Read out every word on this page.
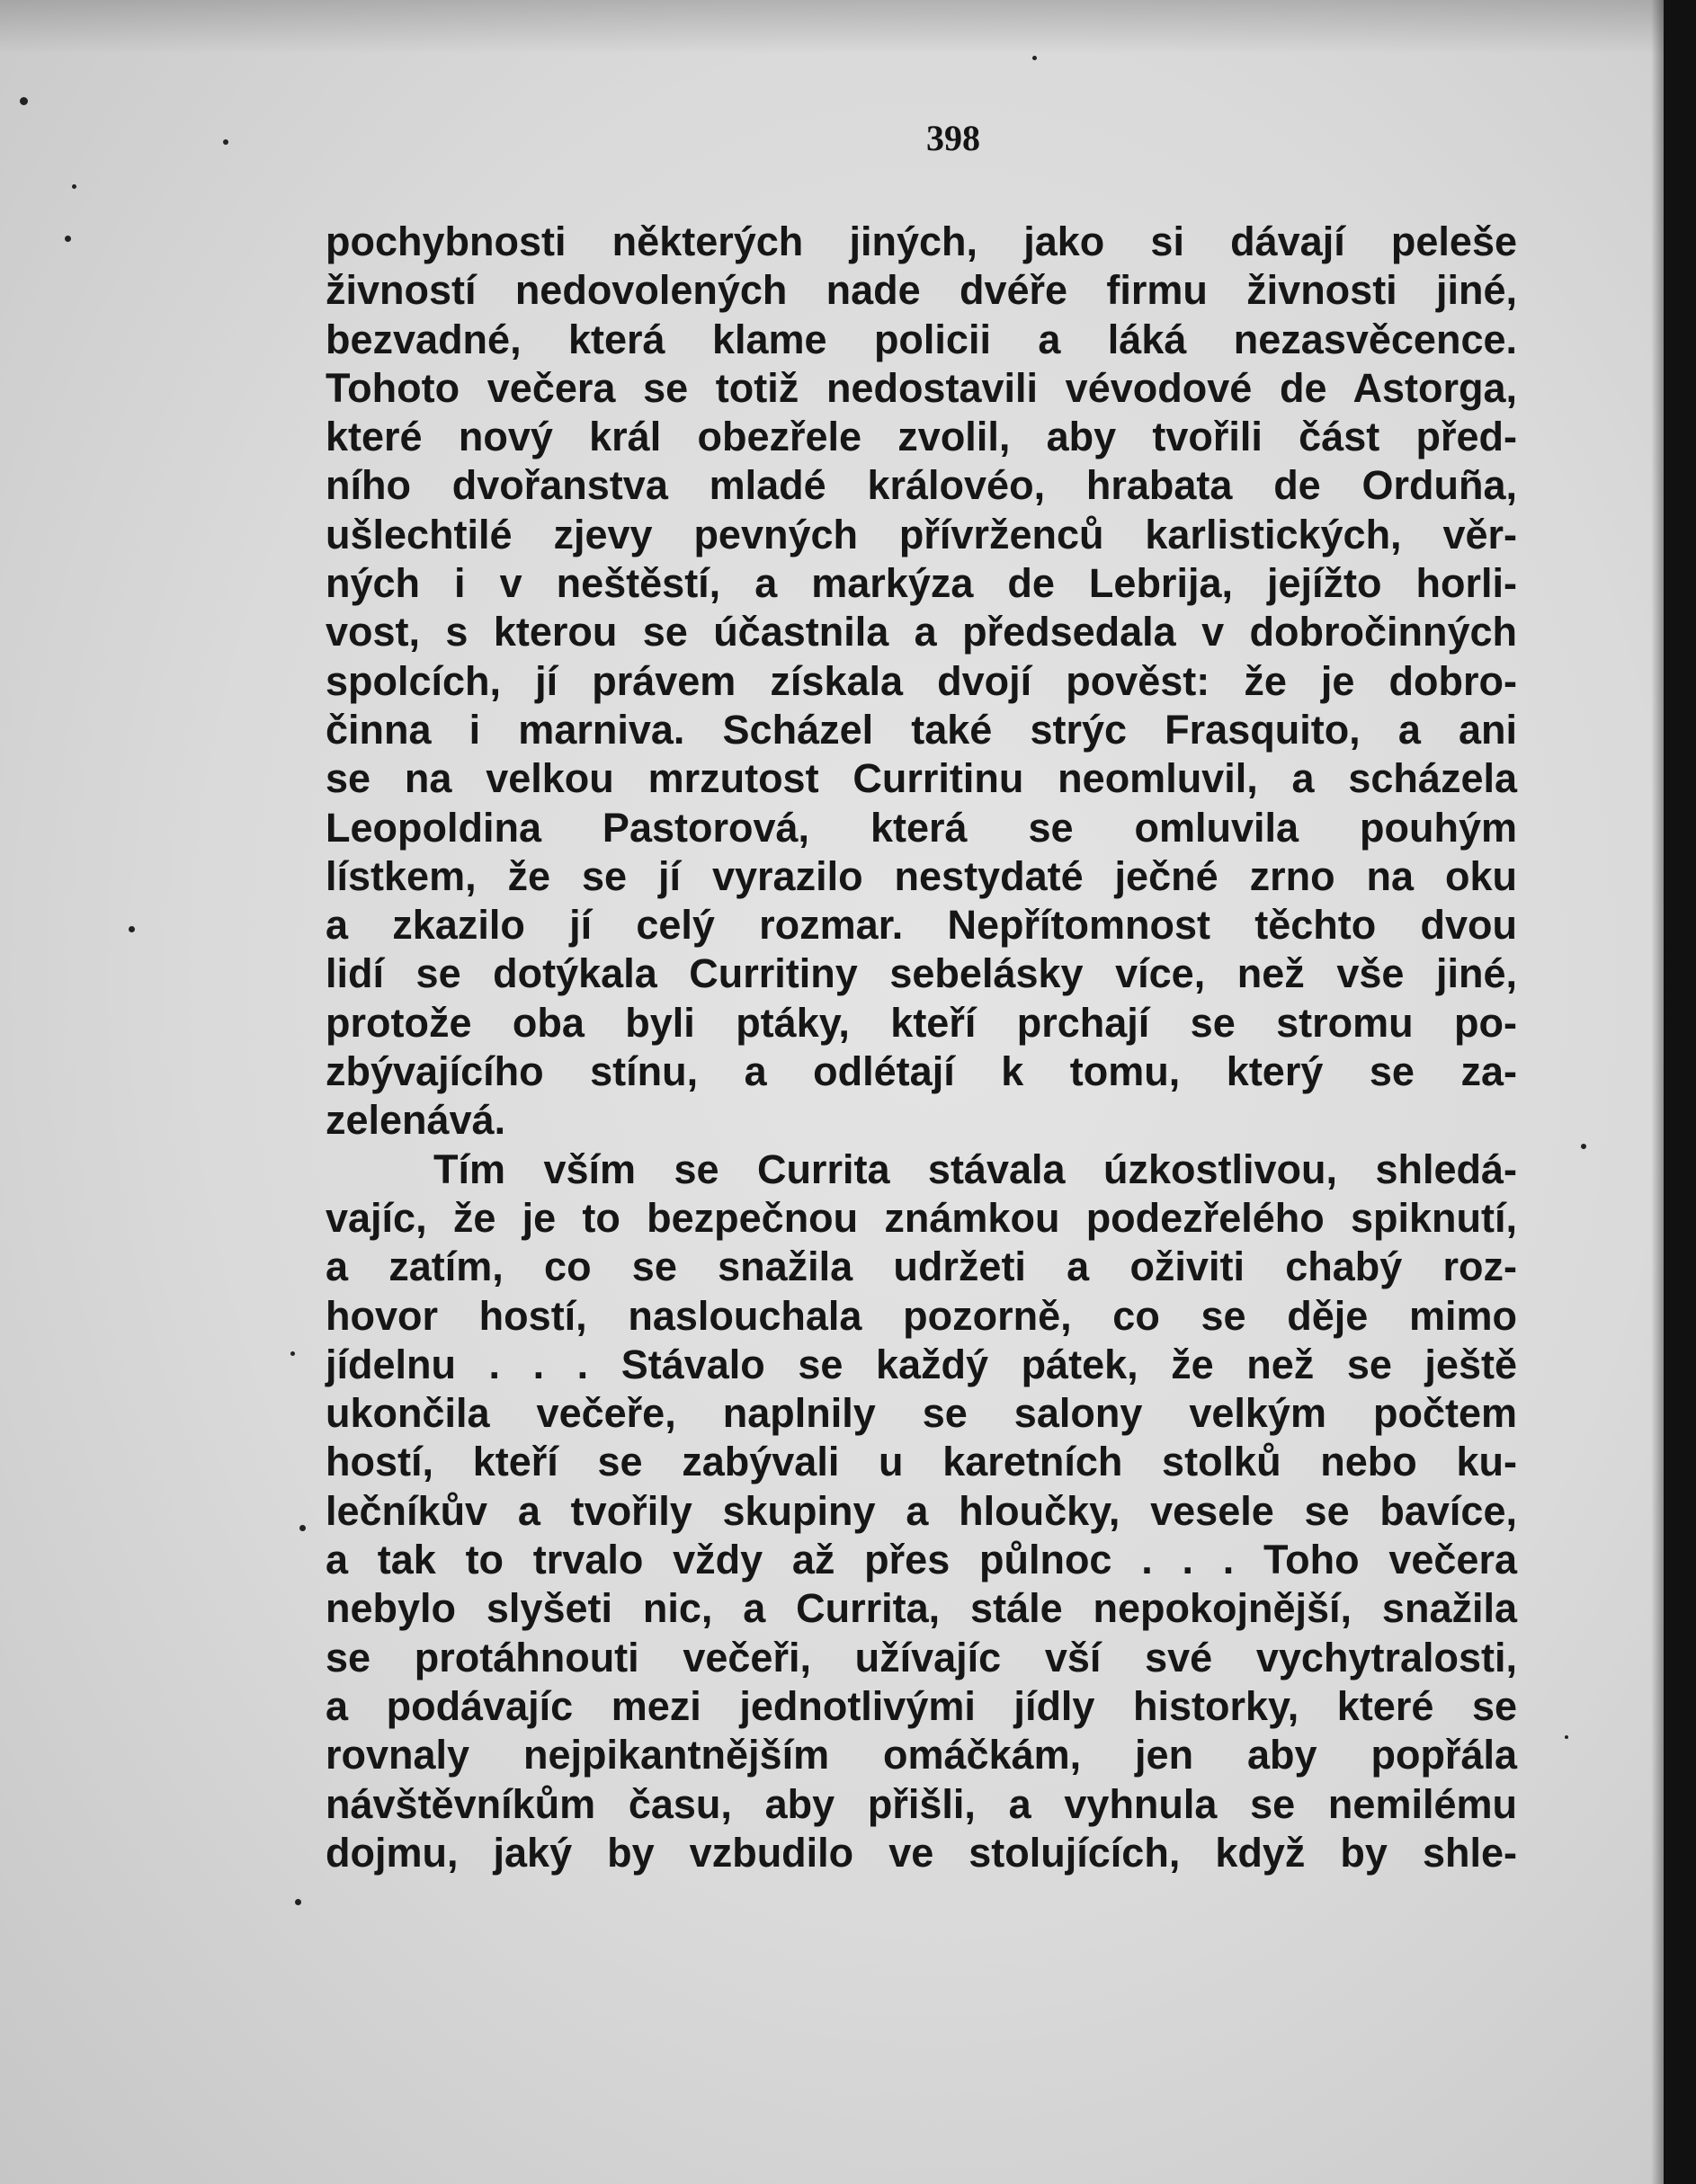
398
pochybnosti některých jiných, jako si dávají peleše
živností nedovolených nade dvéře firmu živnosti jiné,
bezvadné, která klame policii a láká nezasvěcence.
Tohoto večera se totiž nedostavili vévodové de Astorga,
které nový král obezřele zvolil, aby tvořili část před-
ního dvořanstva mladé královéo, hrabata de Orduña,
ušlechtilé zjevy pevných přívrženců karlistických, věr-
ných i v neštěstí, a markýza de Lebrija, jejížto horli-
vost, s kterou se účastnila a předsedala v dobročinných
spolcích, jí právem získala dvojí pověst: že je dobro-
činna i marniva. Scházel také strýc Frasquito, a ani
se na velkou mrzutost Curritinu neomluvil, a scházela
Leopoldina Pastorová, která se omluvila pouhým
lístkem, že se jí vyrazilo nestydaté ječné zrno na oku
a zkazilo jí celý rozmar. Nepřítomnost těchto dvou
lidí se dotýkala Curritiny sebelásky více, než vše jiné,
protože oba byli ptáky, kteří prchají se stromu po-
zbývajícího stínu, a odlétají k tomu, který se za-
zelenává.
Tím vším se Currita stávala úzkostlivou, shledá-
vajíc, že je to bezpečnou známkou podezřelého spiknutí,
a zatím, co se snažila udržeti a oživiti chabý roz-
hovor hostí, naslouchala pozorně, co se děje mimo
jídelnu . . . Stávalo se každý pátek, že než se ještě
ukončila večeře, naplnily se salony velkým počtem
hostí, kteří se zabývali u karetních stolků nebo ku-
lečníkův a tvořily skupiny a hloučky, vesele se bavíce,
a tak to trvalo vždy až přes půlnoc . . . Toho večera
nebylo slyšeti nic, a Currita, stále nepokojnější, snažila
se protáhnouti večeři, užívajíc vší své vychytralosti,
a podávajíc mezi jednotlivými jídly historky, které se
rovnaly nejpikantnějším omáčkám, jen aby popřála
návštěvníkům času, aby přišli, a vyhnula se nemilému
dojmu, jaký by vzbudilo ve stolujících, když by shle-
